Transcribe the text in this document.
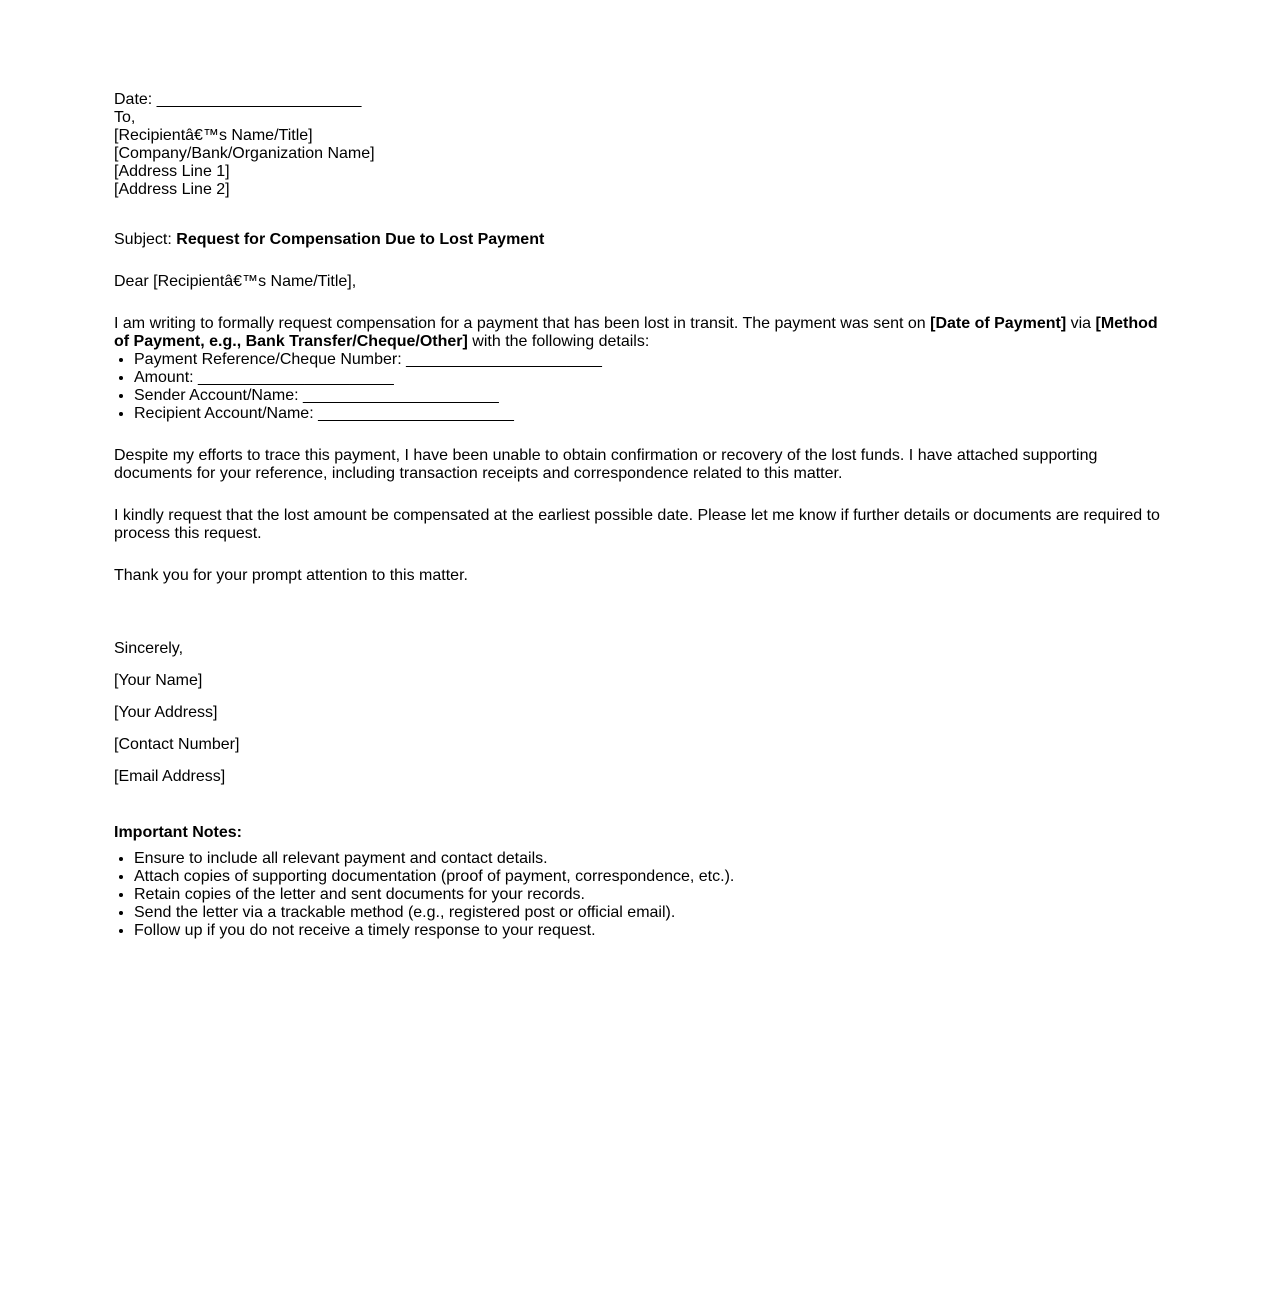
Date: _______________________
To,
[Recipientâ€™s Name/Title]
[Company/Bank/Organization Name]
[Address Line 1]
[Address Line 2]

Subject: Request for Compensation Due to Lost Payment

Dear [Recipientâ€™s Name/Title],

I am writing to formally request compensation for a payment that has been lost in transit. The payment was sent on [Date of Payment] via [Method of Payment, e.g., Bank Transfer/Cheque/Other] with the following details:

• Payment Reference/Cheque Number: ______________________
• Amount: ______________________
• Sender Account/Name: ______________________
• Recipient Account/Name: ______________________

Despite my efforts to trace this payment, I have been unable to obtain confirmation or recovery of the lost funds. I have attached supporting documents for your reference, including transaction receipts and correspondence related to this matter.

I kindly request that the lost amount be compensated at the earliest possible date. Please let me know if further details or documents are required to process this request.

Thank you for your prompt attention to this matter.

Sincerely,

[Your Name]

[Your Address]

[Contact Number]

[Email Address]

Important Notes:

• Ensure to include all relevant payment and contact details.
• Attach copies of supporting documentation (proof of payment, correspondence, etc.).
• Retain copies of the letter and sent documents for your records.
• Send the letter via a trackable method (e.g., registered post or official email).
• Follow up if you do not receive a timely response to your request.
